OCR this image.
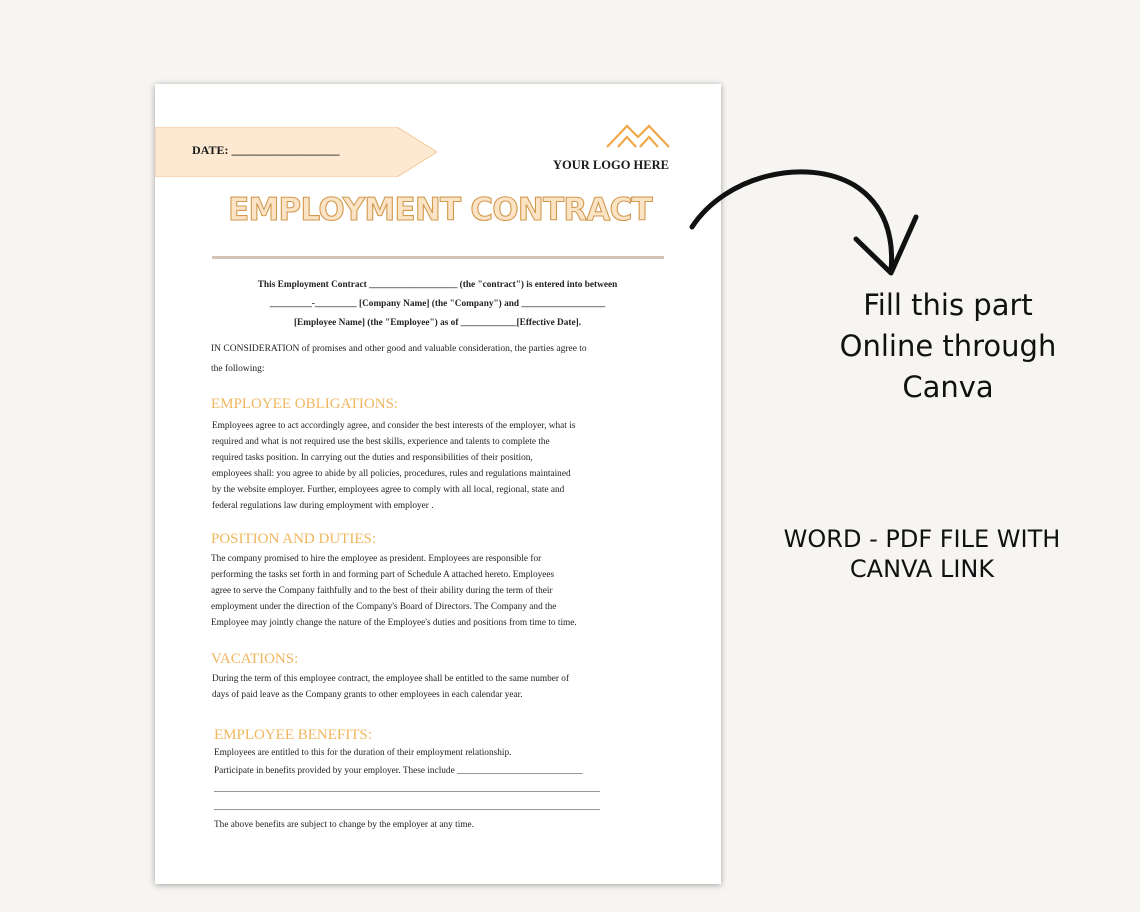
DATE: __________________
YOUR LOGO HERE
EMPLOYMENT CONTRACT

This Employment Contract ___________________ (the "contract") is entered into between

_________-_________ [Company Name] (the "Company") and __________________

[Employee Name] (the "Employee") as of ____________[Effective Date].

IN CONSIDERATION of promises and other good and valuable consideration, the parties agree to

the following:

EMPLOYEE OBLIGATIONS:

Employees agree to act accordingly agree, and consider the best interests of the employer, what is

required and what is not required use the best skills, experience and talents to complete the

required tasks position. In carrying out the duties and responsibilities of their position,

employees shall: you agree to abide by all policies, procedures, rules and regulations maintained

by the website employer. Further, employees agree to comply with all local, regional, state and

federal regulations law during employment with employer .

POSITION AND DUTIES:

The company promised to hire the employee as president. Employees are responsible for

performing the tasks set forth in and forming part of Schedule A attached hereto. Employees

agree to serve the Company faithfully and to the best of their ability during the term of their

employment under the direction of the Company's Board of Directors. The Company and the

Employee may jointly change the nature of the Employee's duties and positions from time to time.

VACATIONS:

During the term of this employee contract, the employee shall be entitled to the same number of

days of paid leave as the Company grants to other employees in each calendar year.

EMPLOYEE BENEFITS:

Employees are entitled to this for the duration of their employment relationship.

Participate in benefits provided by your employer. These include ___________________________

___________________________________________________________________________________

___________________________________________________________________________________

The above benefits are subject to change by the employer at any time.

Fill this part

Online through

Canva

WORD - PDF FILE WITH

CANVA LINK
